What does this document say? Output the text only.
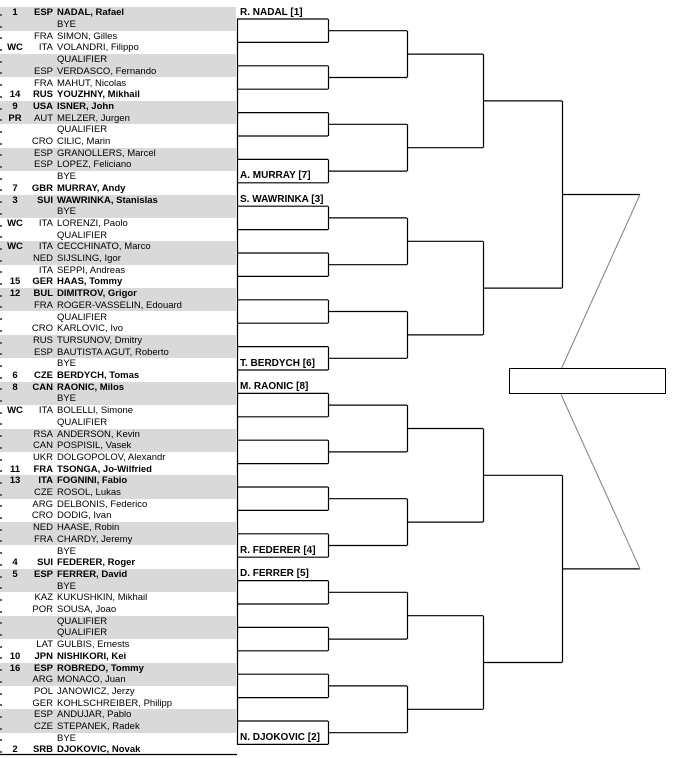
1	ESP NADAL, Rafael
BYE
FRA SIMON, Gilles
WC	ITA VOLANDRI, Filippo
QUALIFIER
ESP VERDASCO, Fernando
FRA MAHUT, Nicolas
14	RUS YOUZHNY, Mikhail
9	USA ISNER, John
PR	AUT MELZER, Jurgen
QUALIFIER
CRO CILIC, Marin
ESP GRANOLLERS, Marcel
ESP LOPEZ, Feliciano
BYE
7	GBR MURRAY, Andy
3	SUI WAWRINKA, Stanislas
BYE
WC	ITA LORENZI, Paolo
QUALIFIER
WC	ITA CECCHINATO, Marco
NED SIJSLING, Igor
ITA SEPPI, Andreas
15	GER HAAS, Tommy
12	BUL DIMITROV, Grigor
FRA ROGER-VASSELIN, Edouard
QUALIFIER
CRO KARLOVIC, Ivo
RUS TURSUNOV, Dmitry
ESP BAUTISTA AGUT, Roberto
BYE
6	CZE BERDYCH, Tomas
8	CAN RAONIC, Milos
BYE
WC	ITA BOLELLI, Simone
QUALIFIER
RSA ANDERSON, Kevin
CAN POSPISIL, Vasek
UKR DOLGOPOLOV, Alexandr
11	FRA TSONGA, Jo-Wilfried
13	ITA FOGNINI, Fabio
CZE ROSOL, Lukas
ARG DELBONIS, Federico
CRO DODIG, Ivan
NED HAASE, Robin
FRA CHARDY, Jeremy
BYE
4	SUI FEDERER, Roger
5	ESP FERRER, David
BYE
KAZ KUKUSHKIN, Mikhail
POR SOUSA, Joao
QUALIFIER
QUALIFIER
LAT GULBIS, Ernests
10	JPN NISHIKORI, Kei
16	ESP ROBREDO, Tommy
ARG MONACO, Juan
POL JANOWICZ, Jerzy
GER KOHLSCHREIBER, Philipp
ESP ANDUJAR, Pablo
CZE STEPANEK, Radek
BYE
2	SRB DJOKOVIC, Novak
R. NADAL [1]
A. MURRAY [7]
S. WAWRINKA [3]
T. BERDYCH [6]
M. RAONIC [8]
R. FEDERER [4]
D. FERRER [5]
N. DJOKOVIC [2]
